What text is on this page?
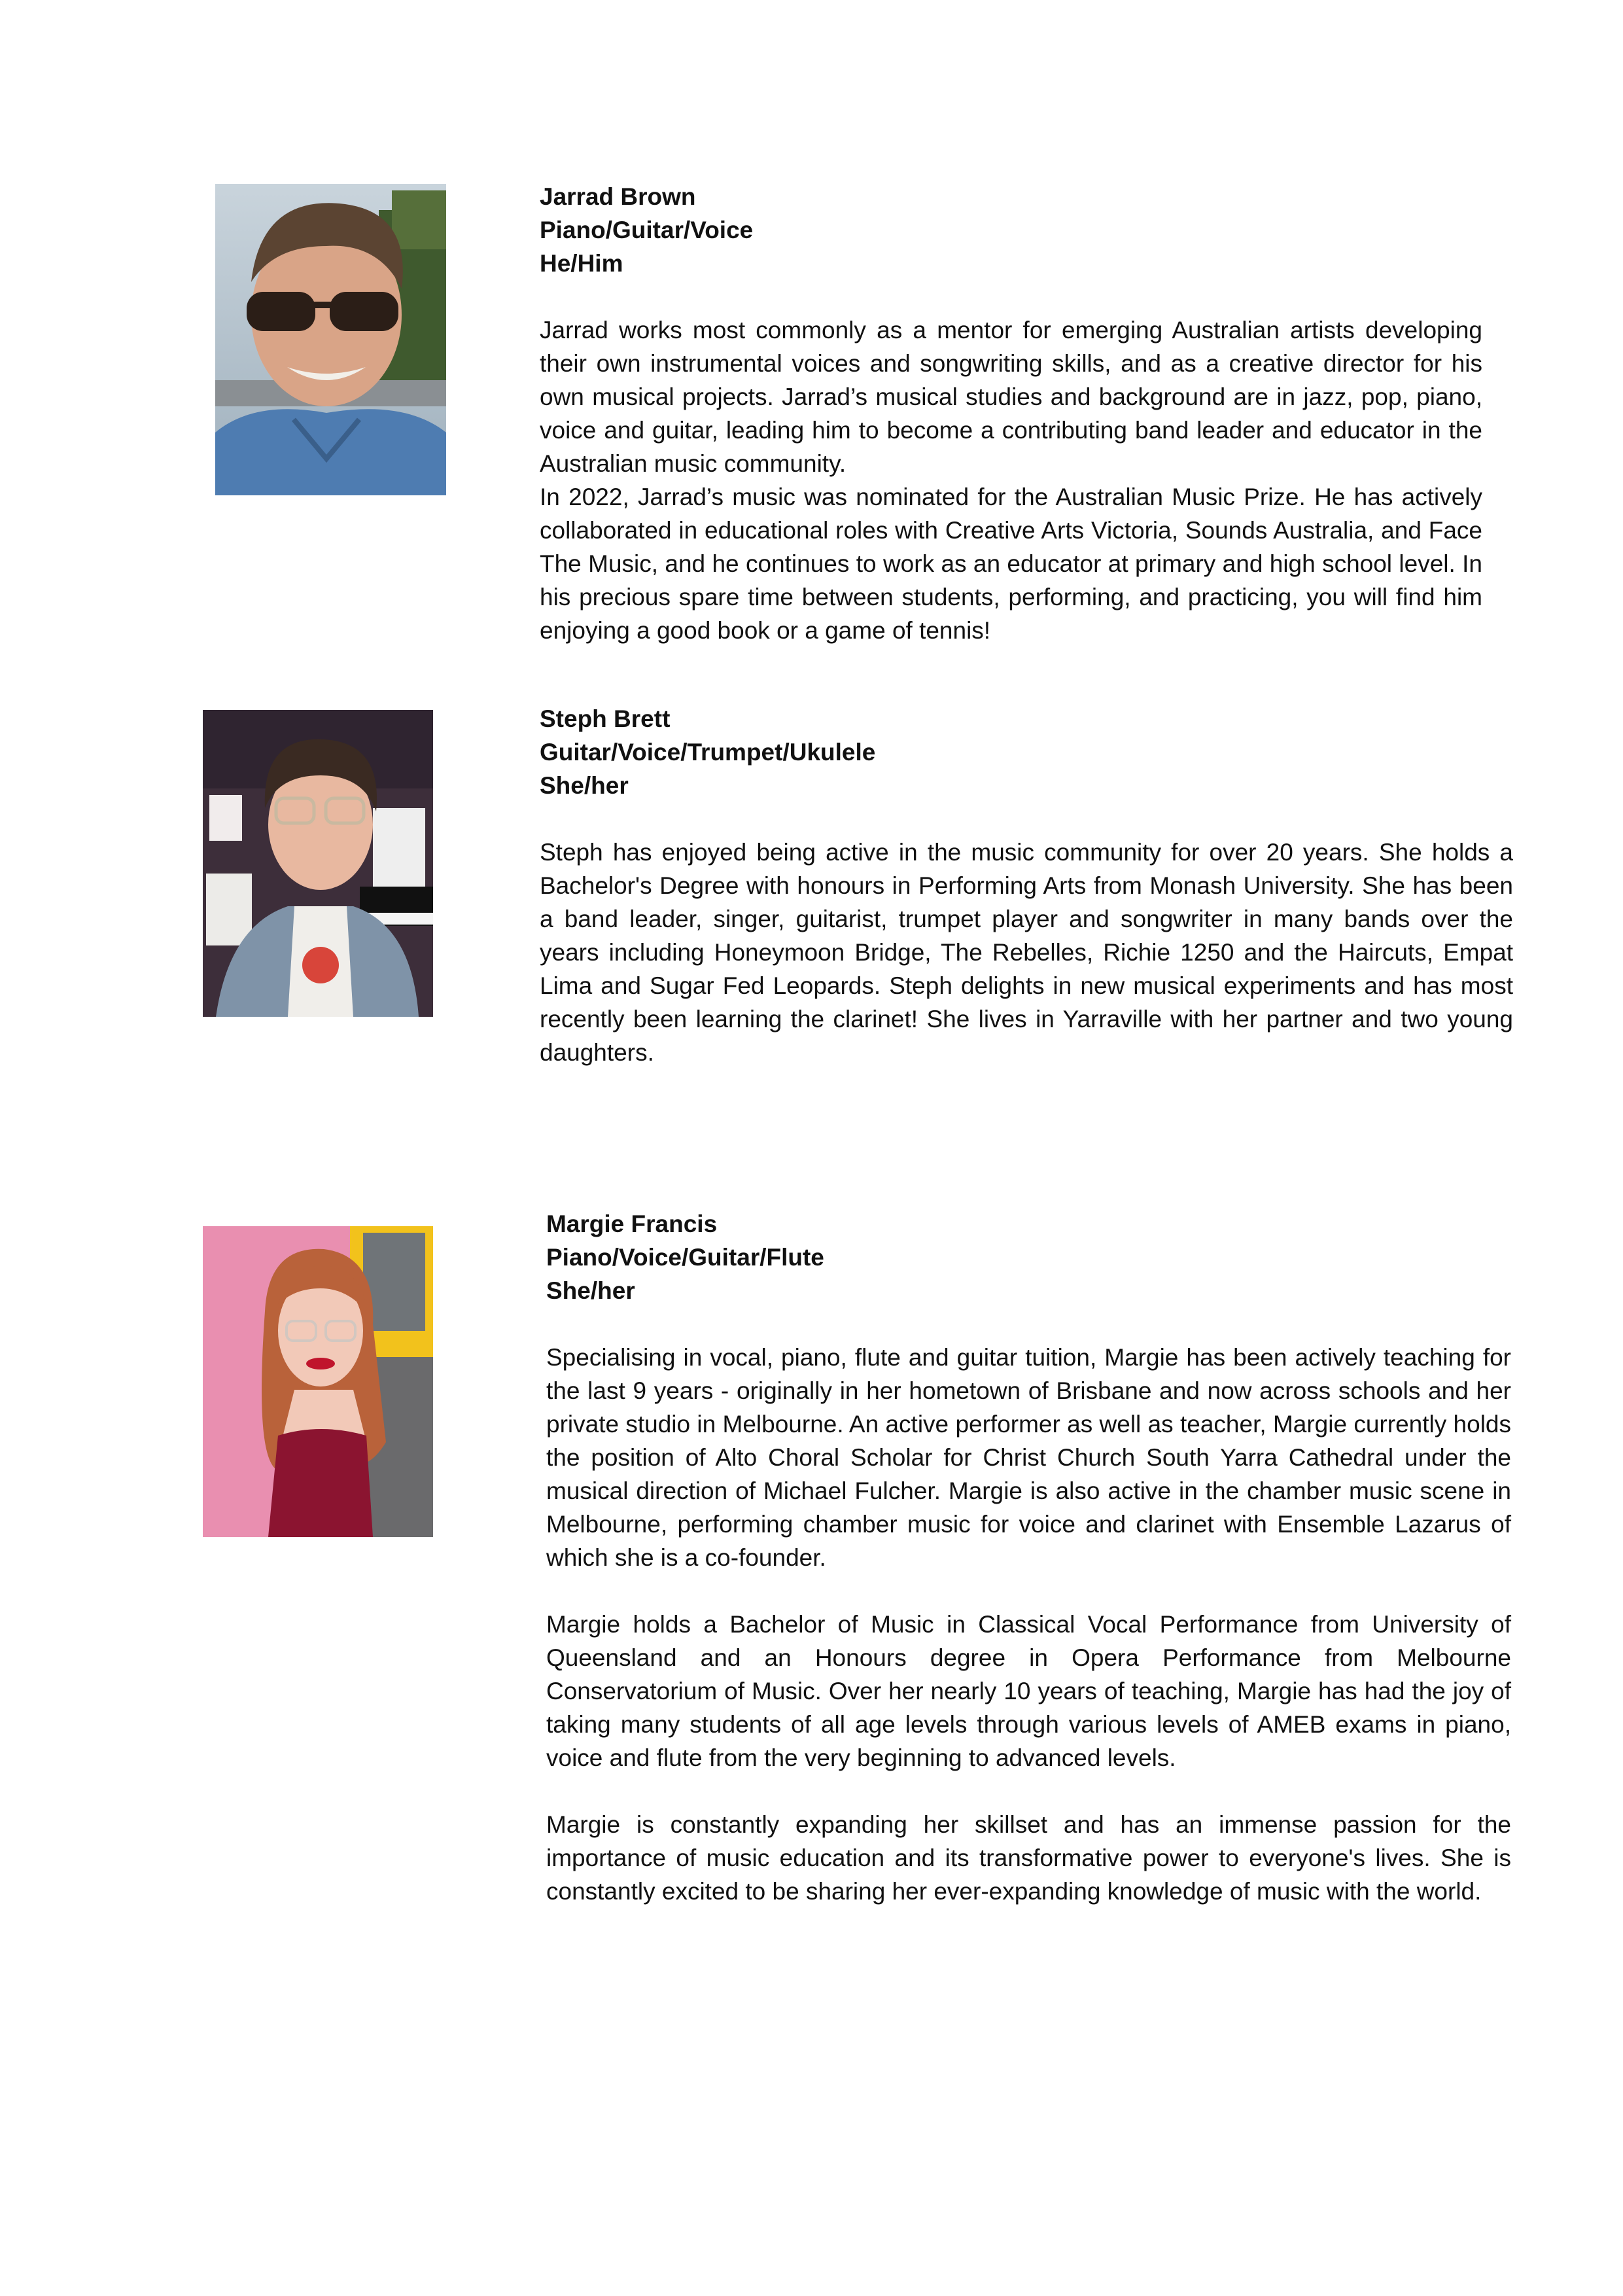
Jarrad Brown
Piano/Guitar/Voice
He/Him

Jarrad works most commonly as a mentor for emerging Australian artists developing their own instrumental voices and songwriting skills, and as a creative director for his own musical projects. Jarrad’s musical studies and background are in jazz, pop, piano, voice and guitar, leading him to become a contributing band leader and educator in the Australian music community.

In 2022, Jarrad’s music was nominated for the Australian Music Prize. He has actively collaborated in educational roles with Creative Arts Victoria, Sounds Australia, and Face The Music, and he continues to work as an educator at primary and high school level. In his precious spare time between students, performing, and practicing, you will find him enjoying a good book or a game of tennis!

Steph Brett
Guitar/Voice/Trumpet/Ukulele
She/her

Steph has enjoyed being active in the music community for over 20 years. She holds a Bachelor's Degree with honours in Performing Arts from Monash University. She has been a band leader, singer, guitarist, trumpet player and songwriter in many bands over the years including Honeymoon Bridge, The Rebelles, Richie 1250 and the Haircuts, Empat Lima and Sugar Fed Leopards. Steph delights in new musical experiments and has most recently been learning the clarinet! She lives in Yarraville with her partner and two young daughters.

Margie Francis
Piano/Voice/Guitar/Flute
She/her

Specialising in vocal, piano, flute and guitar tuition, Margie has been actively teaching for the last 9 years - originally in her hometown of Brisbane and now across schools and her private studio in Melbourne. An active performer as well as teacher, Margie currently holds the position of Alto Choral Scholar for Christ Church South Yarra Cathedral under the musical direction of Michael Fulcher. Margie is also active in the chamber music scene in Melbourne, performing chamber music for voice and clarinet with Ensemble Lazarus of which she is a co-founder.

Margie holds a Bachelor of Music in Classical Vocal Performance from University of Queensland and an Honours degree in Opera Performance from Melbourne Conservatorium of Music. Over her nearly 10 years of teaching, Margie has had the joy of taking many students of all age levels through various levels of AMEB exams in piano, voice and flute from the very beginning to advanced levels.

Margie is constantly expanding her skillset and has an immense passion for the importance of music education and its transformative power to everyone's lives. She is constantly excited to be sharing her ever-expanding knowledge of music with the world.
